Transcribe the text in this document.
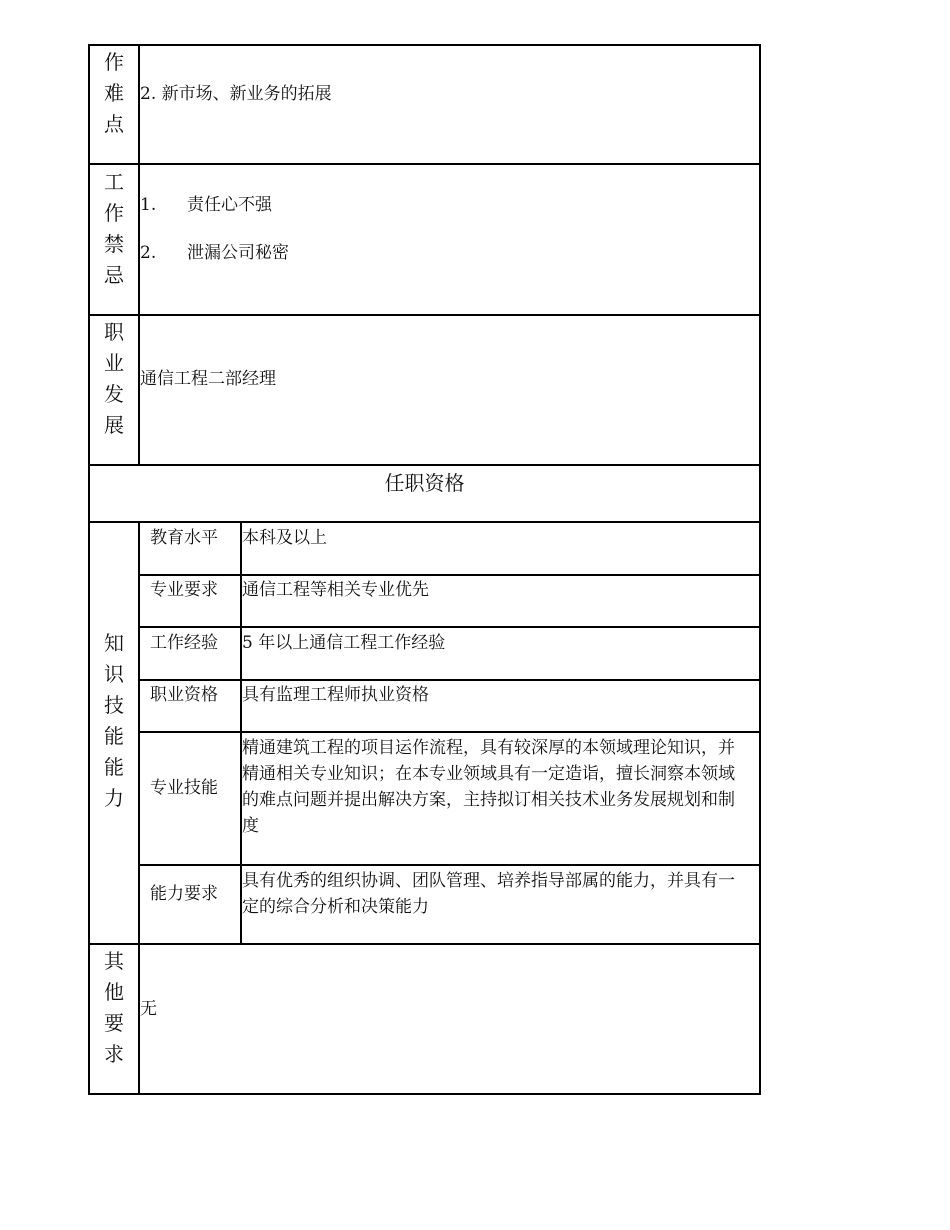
作
难
点
2. 新市场、新业务的拓展
工
作
禁
忌
1. 责任心不强
2. 泄漏公司秘密
职
业
发
展
通信工程二部经理
任职资格
知
识
技
能
能
力
教育水平 本科及以上
专业要求 通信工程等相关专业优先
工作经验 5 年以上通信工程工作经验
职业资格 具有监理工程师执业资格
专业技能
精通建筑工程的项目运作流程，具有较深厚的本领域理论知识，并精通相关专业知识；在本专业领域具有一定造诣，擅长洞察本领域的难点问题并提出解决方案，主持拟订相关技术业务发展规划和制度
能力要求
具有优秀的组织协调、团队管理、培养指导部属的能力，并具有一定的综合分析和决策能力
其
他
要
求
无
